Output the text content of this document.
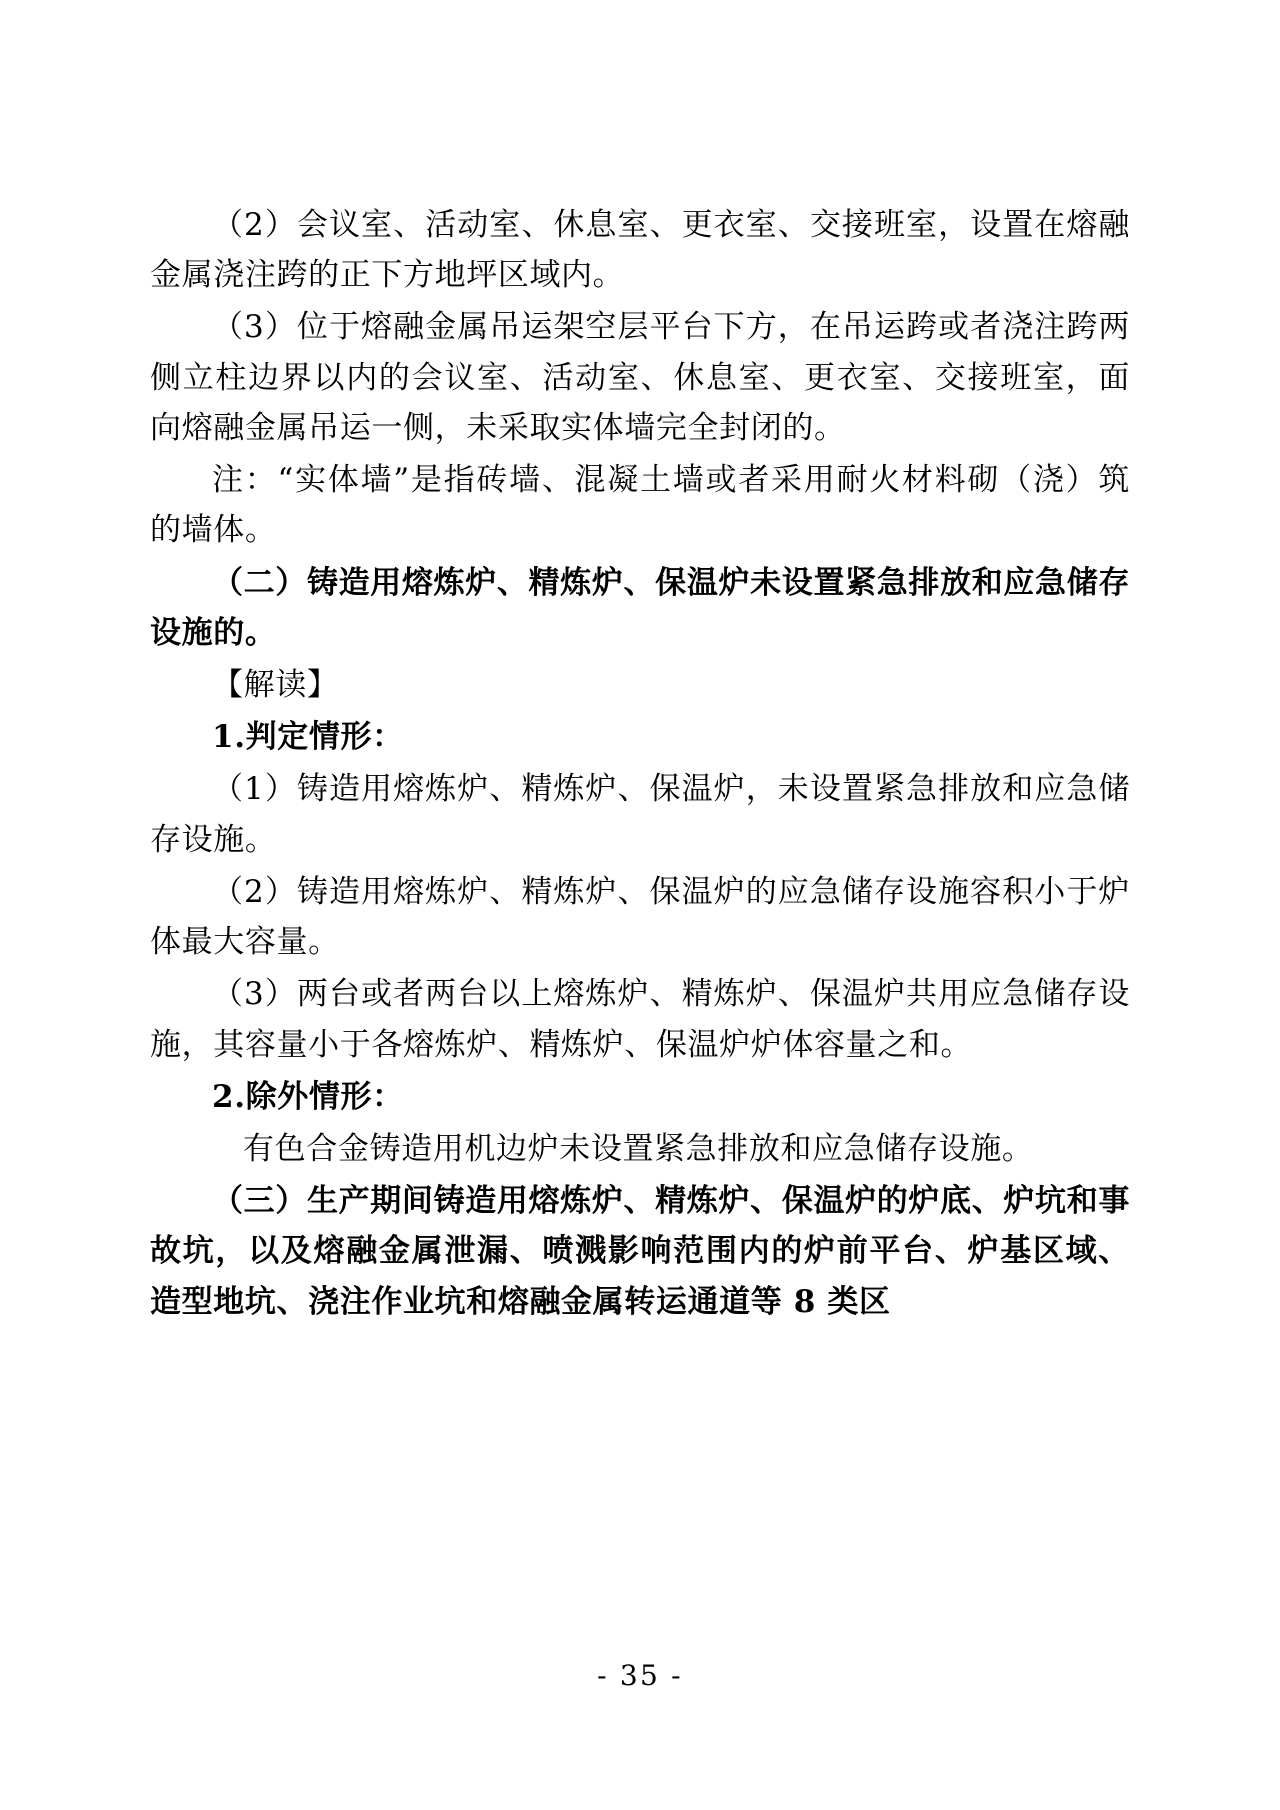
（2）会议室、活动室、休息室、更衣室、交接班室，设置在熔融金属浇注跨的正下方地坪区域内。

（3）位于熔融金属吊运架空层平台下方，在吊运跨或者浇注跨两侧立柱边界以内的会议室、活动室、休息室、更衣室、交接班室，面向熔融金属吊运一侧，未采取实体墙完全封闭的。

注：“实体墙”是指砖墙、混凝土墙或者采用耐火材料砌（浇）筑的墙体。

（二）铸造用熔炼炉、精炼炉、保温炉未设置紧急排放和应急储存设施的。

【解读】

1.判定情形：

（1）铸造用熔炼炉、精炼炉、保温炉，未设置紧急排放和应急储存设施。

（2）铸造用熔炼炉、精炼炉、保温炉的应急储存设施容积小于炉体最大容量。

（3）两台或者两台以上熔炼炉、精炼炉、保温炉共用应急储存设施，其容量小于各熔炼炉、精炼炉、保温炉炉体容量之和。

2.除外情形：

有色合金铸造用机边炉未设置紧急排放和应急储存设施。

（三）生产期间铸造用熔炼炉、精炼炉、保温炉的炉底、炉坑和事故坑，以及熔融金属泄漏、喷溅影响范围内的炉前平台、炉基区域、造型地坑、浇注作业坑和熔融金属转运通道等 8 类区

- 35 -
